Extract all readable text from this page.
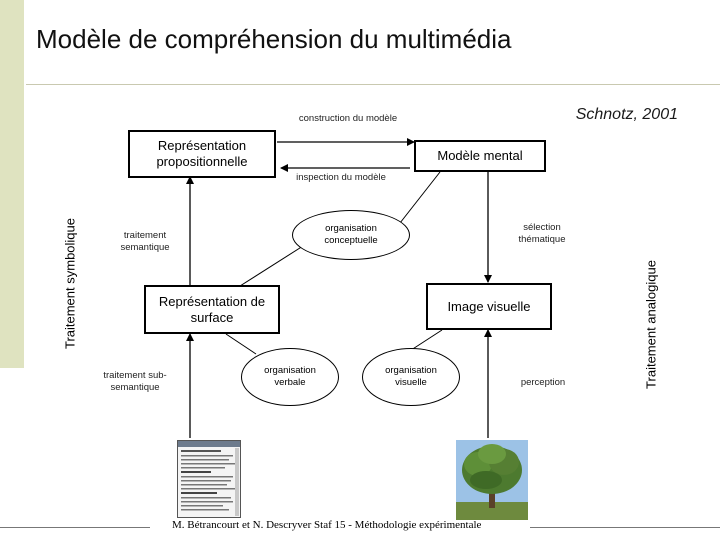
Modèle de compréhension du multimédia
Schnotz, 2001
Représentation propositionnelle	Modèle mental
Représentation de surface
Image visuelle
organisation conceptuelle
organisation verbale
organisation visuelle
construction du modèle
inspection du modèle
traitement semantique
sélection thématique
traitement sub-semantique	perception
Traitement symbolique	Traitement analogique
M. Bétrancourt et N. Descryver Staf 15 - Méthodologie expérimentale
